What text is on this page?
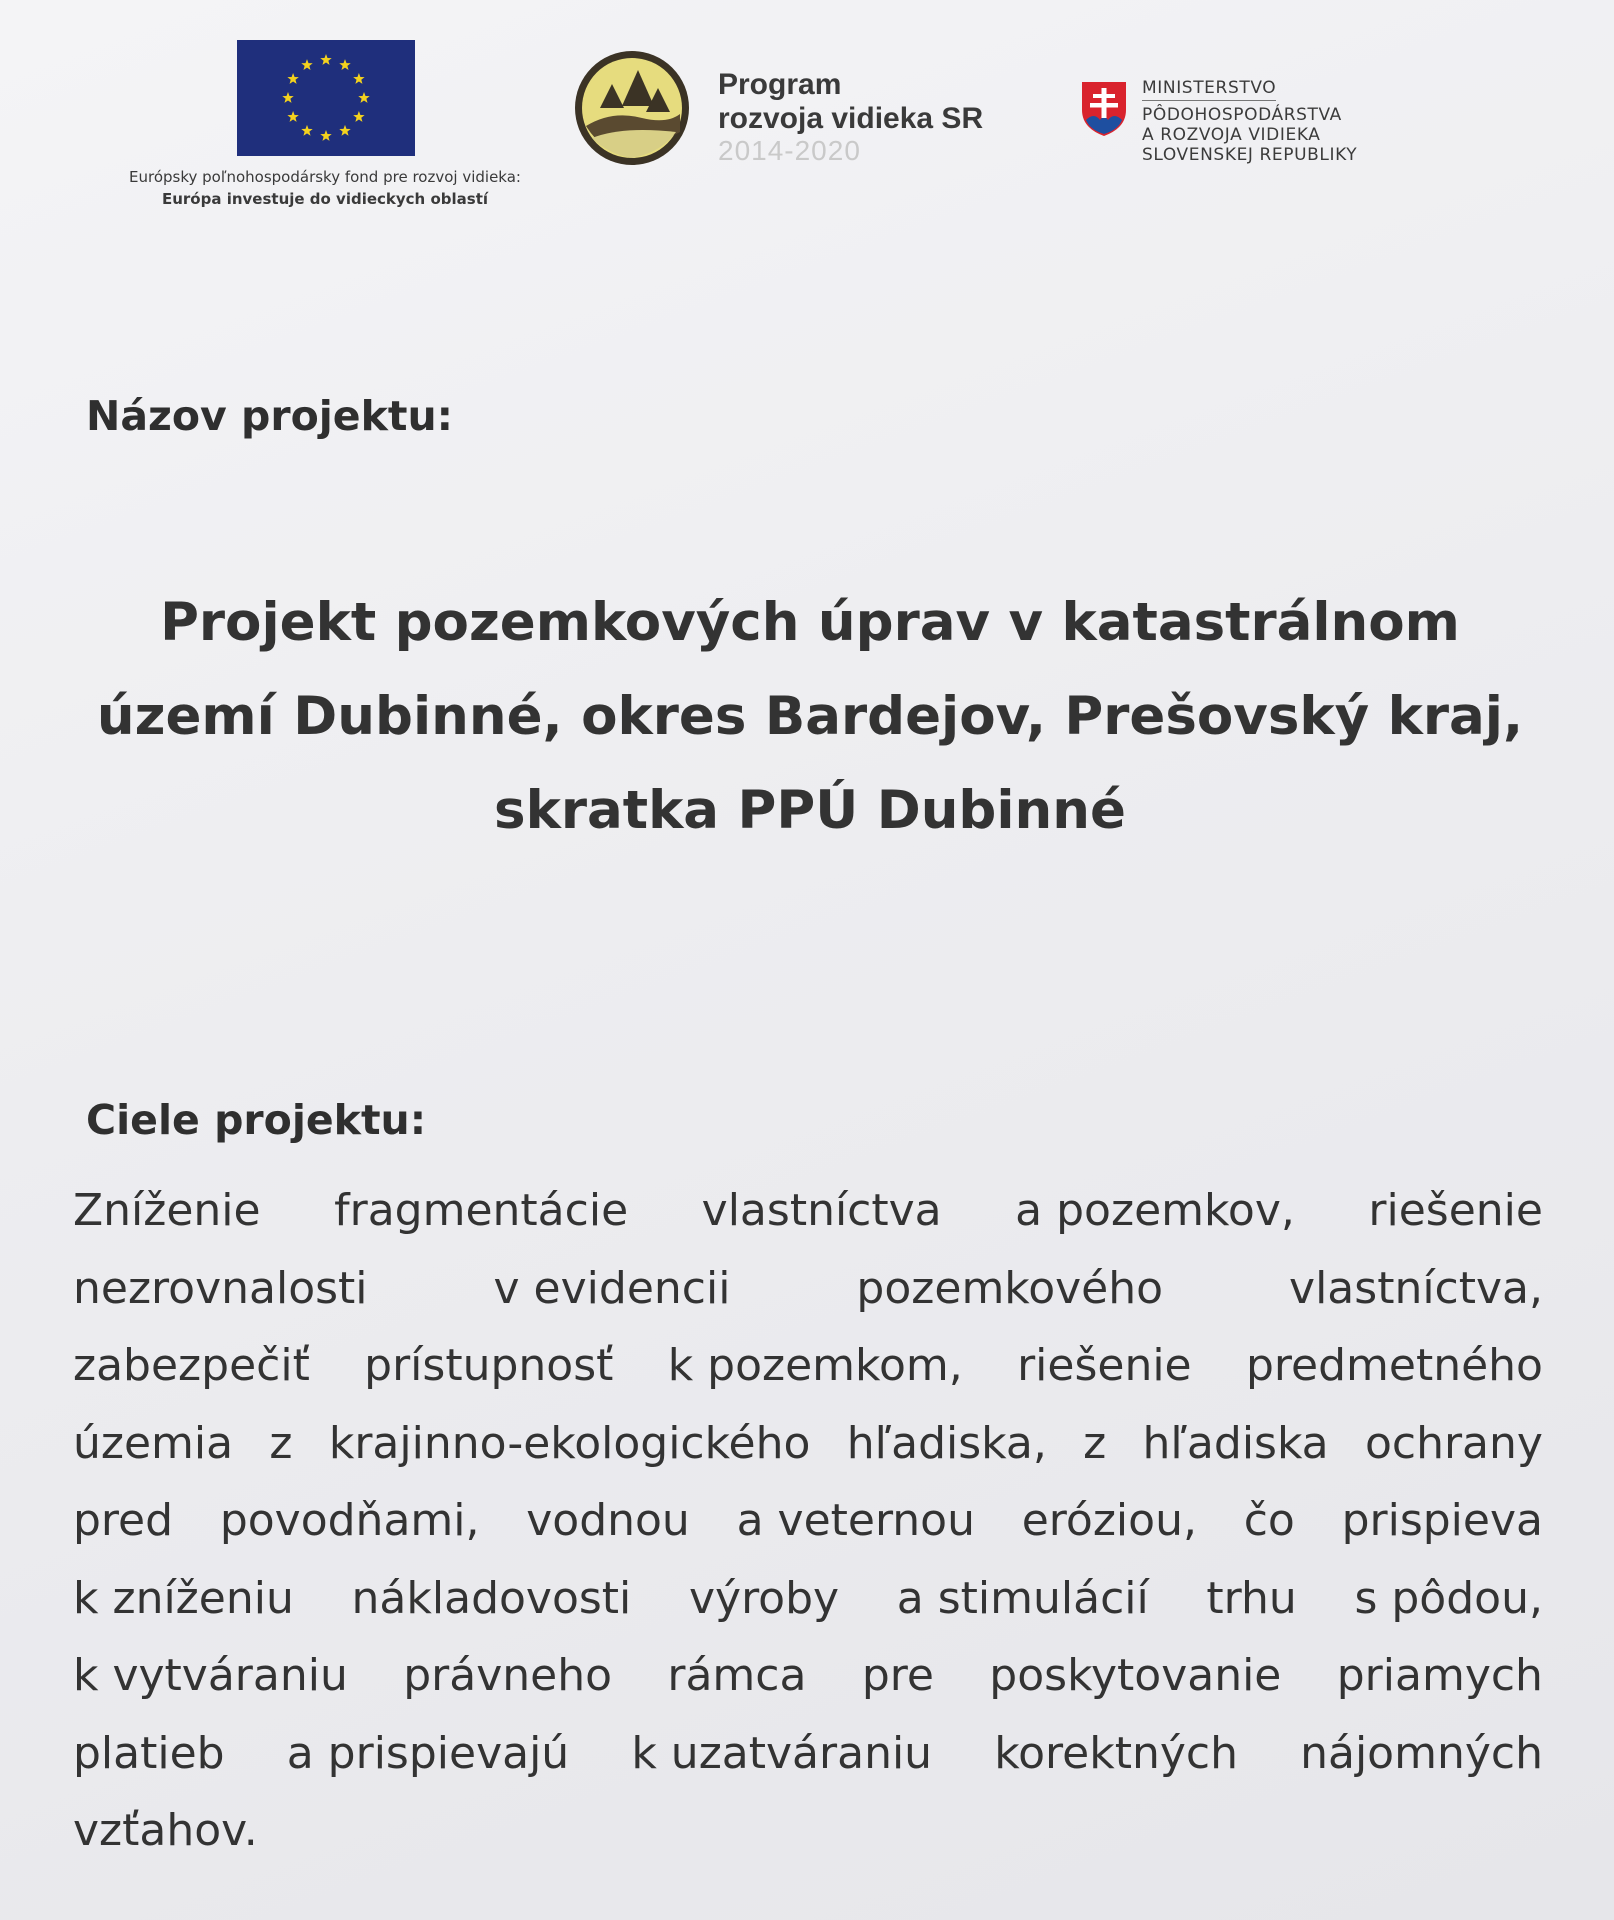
Európsky poľnohospodársky fond pre rozvoj vidieka:
Európa investuje do vidieckych oblastí
Program
rozvoja vidieka SR
2014-2020
MINISTERSTVO
PÔDOHOSPODÁRSTVA
A ROZVOJA VIDIEKA
SLOVENSKEJ REPUBLIKY
Názov projektu:
Projekt pozemkových úprav v katastrálnom
území Dubinné, okres Bardejov, Prešovský kraj,
skratka PPÚ Dubinné
Ciele projektu:
Zníženie fragmentácie vlastníctva a pozemkov, riešenie
nezrovnalosti	v evidencii	pozemkového	vlastníctva,
zabezpečiť prístupnosť k pozemkom, riešenie predmetného
územia z krajinno-ekologického hľadiska, z hľadiska ochrany
pred povodňami, vodnou a veternou eróziou, čo prispieva
k zníženiu nákladovosti výroby a stimulácií trhu s pôdou,
k vytváraniu právneho rámca pre poskytovanie priamych
platieb a prispievajú k uzatváraniu korektných nájomných
vzťahov.
